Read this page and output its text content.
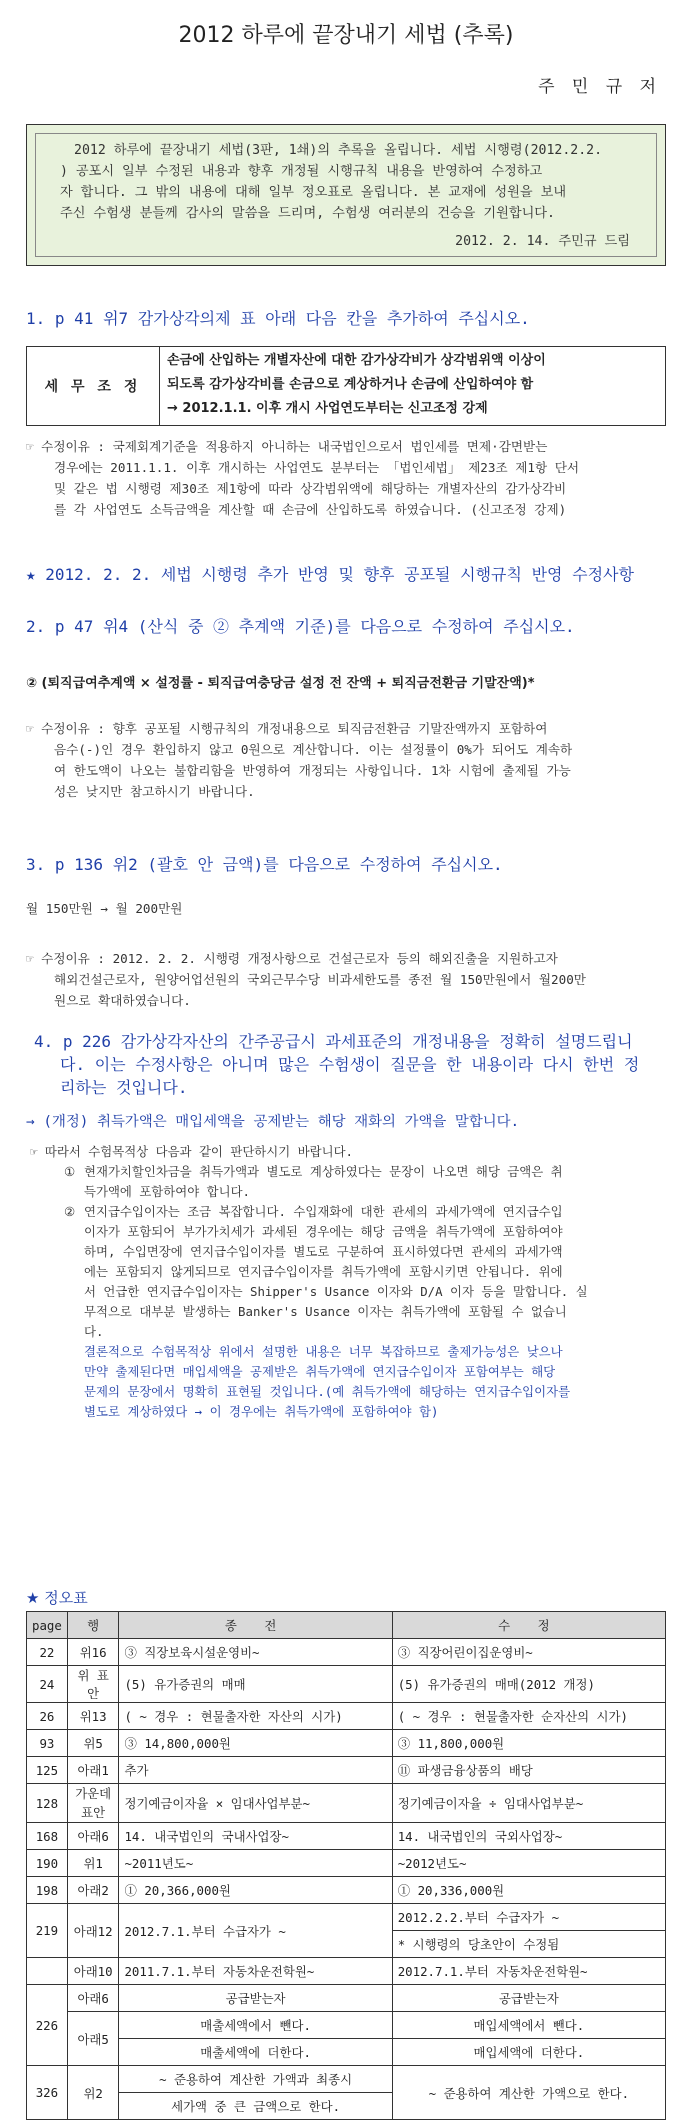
2012 하루에 끝장내기 세법 (추록)
주 민 규 저
2012 하루에 끝장내기 세법(3판, 1쇄)의 추록을 올립니다. 세법 시행령(2012.2.2.
) 공포시 일부 수정된 내용과 향후 개정될 시행규칙 내용을 반영하여 수정하고
자 합니다. 그 밖의 내용에 대해 일부 정오표로 올립니다. 본 교재에 성원을 보내
주신 수험생 분들께 감사의 말씀을 드리며, 수험생 여러분의 건승을 기원합니다.
2012. 2. 14. 주민규 드림
1. p 41 위7 감가상각의제 표 아래 다음 칸을 추가하여 주십시오.
세 무 조 정
손금에 산입하는 개별자산에 대한 감가상각비가 상각범위액 이상이
되도록 감가상각비를 손금으로 계상하거나 손금에 산입하여야 함
→ 2012.1.1. 이후 개시 사업연도부터는 신고조정 강제
☞ 수정이유 : 국제회계기준을 적용하지 아니하는 내국법인으로서 법인세를 면제·감면받는
경우에는 2011.1.1. 이후 개시하는 사업연도 분부터는 「법인세법」 제23조 제1항 단서
및 같은 법 시행령 제30조 제1항에 따라 상각범위액에 해당하는 개별자산의 감가상각비
를 각 사업연도 소득금액을 계산할 때 손금에 산입하도록 하였습니다. (신고조정 강제)
★ 2012. 2. 2. 세법 시행령 추가 반영 및 향후 공포될 시행규칙 반영 수정사항
2. p 47 위4 (산식 중 ② 추계액 기준)를 다음으로 수정하여 주십시오.
② (퇴직급여추계액 × 설정률 - 퇴직급여충당금 설정 전 잔액 + 퇴직금전환금 기말잔액)*
☞ 수정이유 : 향후 공포될 시행규칙의 개정내용으로 퇴직금전환금 기말잔액까지 포함하여
음수(-)인 경우 환입하지 않고 0원으로 계산합니다. 이는 설정률이 0%가 되어도 계속하
여 한도액이 나오는 불합리함을 반영하여 개정되는 사항입니다. 1차 시험에 출제될 가능
성은 낮지만 참고하시기 바랍니다.
3. p 136 위2 (괄호 안 금액)를 다음으로 수정하여 주십시오.
월 150만원 → 월 200만원
☞ 수정이유 : 2012. 2. 2. 시행령 개정사항으로 건설근로자 등의 해외진출을 지원하고자
해외건설근로자, 원양어업선원의 국외근무수당 비과세한도를 종전 월 150만원에서 월200만
원으로 확대하였습니다.
4. p 226 감가상각자산의 간주공급시 과세표준의 개정내용을 정확히 설명드립니
다. 이는 수정사항은 아니며 많은 수험생이 질문을 한 내용이라 다시 한번 정
리하는 것입니다.
→ (개정) 취득가액은 매입세액을 공제받는 해당 재화의 가액을 말합니다.
☞ 따라서 수험목적상 다음과 같이 판단하시기 바랍니다.
① 현재가치할인차금을 취득가액과 별도로 계상하였다는 문장이 나오면 해당 금액은 취
득가액에 포함하여야 합니다.
② 연지급수입이자는 조금 복잡합니다. 수입재화에 대한 관세의 과세가액에 연지급수입
이자가 포함되어 부가가치세가 과세된 경우에는 해당 금액을 취득가액에 포함하여야
하며, 수입면장에 연지급수입이자를 별도로 구분하여 표시하였다면 관세의 과세가액
에는 포함되지 않게되므로 연지급수입이자를 취득가액에 포함시키면 안됩니다. 위에
서 언급한 연지급수입이자는 Shipper's Usance 이자와 D/A 이자 등을 말합니다. 실
무적으로 대부분 발생하는 Banker's Usance 이자는 취득가액에 포함될 수 없습니
다.
결론적으로 수험목적상 위에서 설명한 내용은 너무 복잡하므로 출제가능성은 낮으나
만약 출제된다면 매입세액을 공제받은 취득가액에 연지급수입이자 포함여부는 해당
문제의 문장에서 명확히 표현될 것입니다.(예 취득가액에 해당하는 연지급수입이자를
별도로 계상하였다 → 이 경우에는 취득가액에 포함하여야 함)
★ 정오표
page	행	종 전	수 정
22	위16	③ 직장보육시설운영비~	③ 직장어린이집운영비~
24	위 표안	(5) 유가증권의 매매	(5) 유가증권의 매매(2012 개정)
26	위13	( ~ 경우 : 현물출자한 자산의 시가)	( ~ 경우 : 현물출자한 순자산의 시가)
93	위5	③ 14,800,000원	③ 11,800,000원
125	아래1	추가	⑪ 파생금융상품의 배당
128	가운데 표안	정기예금이자율 × 임대사업부분~	정기예금이자율 ÷ 임대사업부분~
168	아래6	14. 내국법인의 국내사업장~	14. 내국법인의 국외사업장~
190	위1	~2011년도~	~2012년도~
198	아래2	① 20,366,000원	① 20,336,000원
219	아래12	2012.7.1.부터 수급자가 ~	2012.2.2.부터 수급자가 ~
			* 시행령의 당초안이 수정됨
	아래10	2011.7.1.부터 자동차운전학원~	2012.7.1.부터 자동차운전학원~
226	아래6	공급받는자	공급받는자
	아래5	매출세액에서 뺀다.	매입세액에서 뺀다.
		매출세액에 더한다.	매입세액에 더한다.
326	위2	~ 준용하여 계산한 가액과 최종시	~ 준용하여 계산한 가액으로 한다.
		세가액 중 큰 금액으로 한다.	
